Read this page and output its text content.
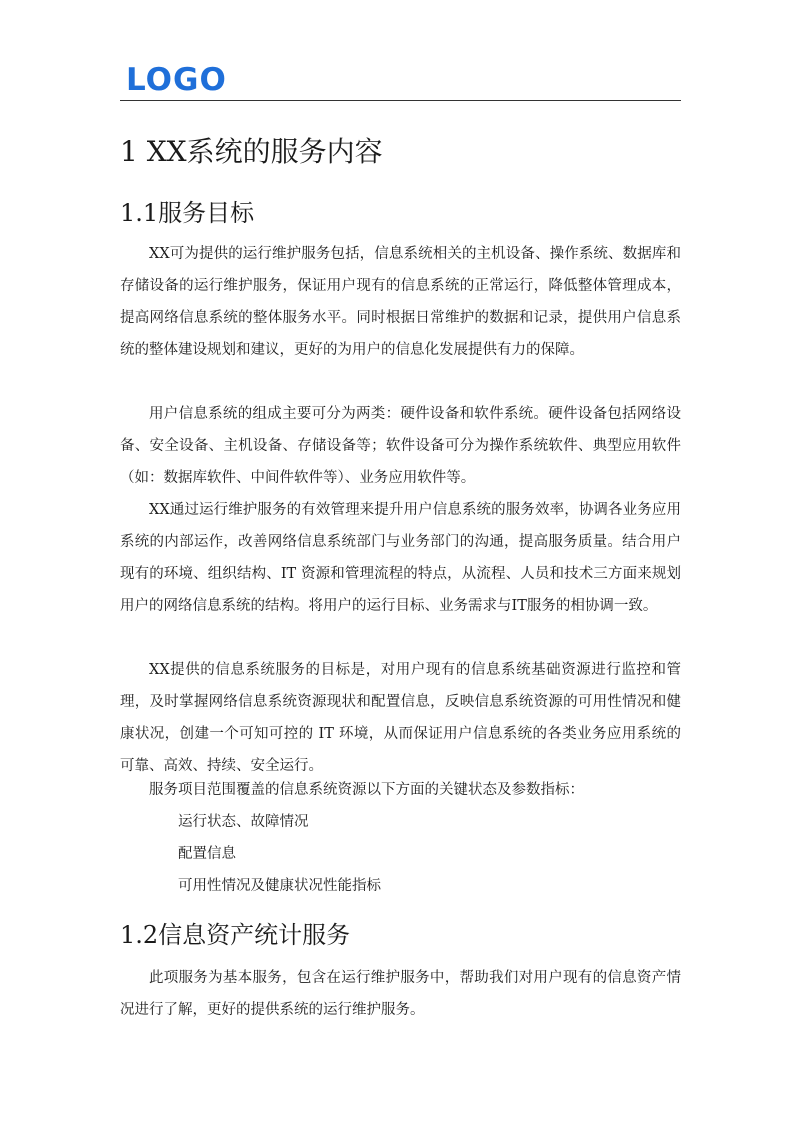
LOGO
1 XX系统的服务内容
1.1服务目标

XX可为提供的运行维护服务包括，信息系统相关的主机设备、操作系统、数据库和存储设备的运行维护服务，保证用户现有的信息系统的正常运行，降低整体管理成本，提高网络信息系统的整体服务水平。同时根据日常维护的数据和记录，提供用户信息系统的整体建设规划和建议，更好的为用户的信息化发展提供有力的保障。

用户信息系统的组成主要可分为两类：硬件设备和软件系统。硬件设备包括网络设备、安全设备、主机设备、存储设备等；软件设备可分为操作系统软件、典型应用软件（如：数据库软件、中间件软件等）、业务应用软件等。

XX通过运行维护服务的有效管理来提升用户信息系统的服务效率，协调各业务应用系统的内部运作，改善网络信息系统部门与业务部门的沟通，提高服务质量。结合用户现有的环境、组织结构、IT 资源和管理流程的特点，从流程、人员和技术三方面来规划用户的网络信息系统的结构。将用户的运行目标、业务需求与IT服务的相协调一致。

XX提供的信息系统服务的目标是，对用户现有的信息系统基础资源进行监控和管理，及时掌握网络信息系统资源现状和配置信息，反映信息系统资源的可用性情况和健康状况，创建一个可知可控的 IT 环境，从而保证用户信息系统的各类业务应用系统的可靠、高效、持续、安全运行。

服务项目范围覆盖的信息系统资源以下方面的关键状态及参数指标：

运行状态、故障情况
配置信息
可用性情况及健康状况性能指标
1.2信息资产统计服务

此项服务为基本服务，包含在运行维护服务中，帮助我们对用户现有的信息资产情况进行了解，更好的提供系统的运行维护服务。
